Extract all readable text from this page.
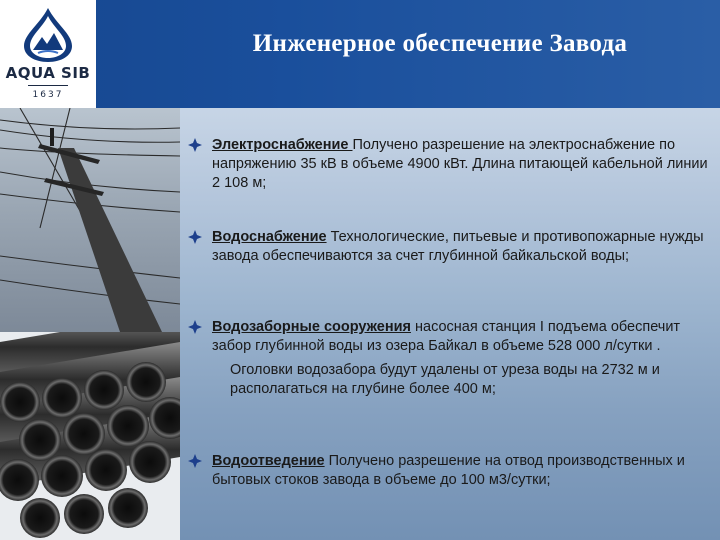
Инженерное обеспечение Завода
AQUA SIB
1637
Электроснабжение Получено разрешение на электроснабжение по напряжению 35 кВ в объеме 4900 кВт. Длина питающей кабельной линии 2 108 м;
Водоснабжение Технологические, питьевые и противопожарные нужды завода обеспечиваются за счет глубинной байкальской воды;
Водозаборные сооружения насосная станция I подъема обеспечит забор глубинной воды из озера Байкал в объеме 528 000 л/сутки .
Оголовки водозабора будут удалены от уреза воды на 2732 м и располагаться на глубине более 400 м;
Водоотведение Получено разрешение на отвод производственных и бытовых стоков завода в объеме до 100 м3/сутки;
